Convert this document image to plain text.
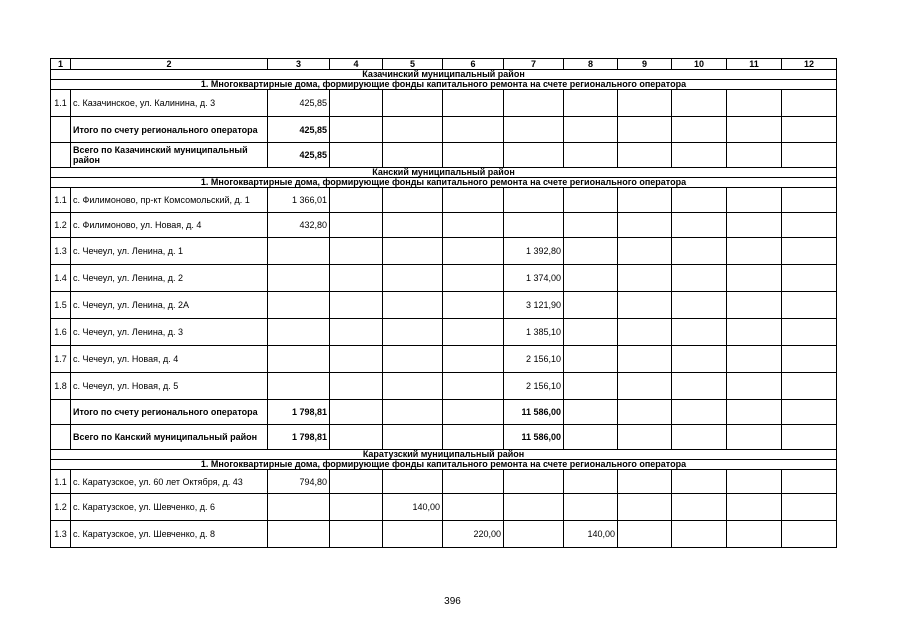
1	2	3	4	5	6	7	8	9	10	11	12
Казачинский муниципальный район											
1. Многоквартирные дома, формирующие фонды капитального ремонта на счете регионального оператора											
1.1	с. Казачинское, ул. Калинина, д. 3	425,85									
	Итого по счету регионального оператора	425,85									
	Всего по Казачинский муниципальный район	425,85									
Канский муниципальный район											
1. Многоквартирные дома, формирующие фонды капитального ремонта на счете регионального оператора											
1.1	с. Филимоново, пр-кт Комсомольский, д. 1	1 366,01									
1.2	с. Филимоново, ул. Новая, д. 4	432,80									
1.3	с. Чечеул, ул. Ленина, д. 1					1 392,80					
1.4	с. Чечеул, ул. Ленина, д. 2					1 374,00					
1.5	с. Чечеул, ул. Ленина, д. 2А					3 121,90					
1.6	с. Чечеул, ул. Ленина, д. 3					1 385,10					
1.7	с. Чечеул, ул. Новая, д. 4					2 156,10					
1.8	с. Чечеул, ул. Новая, д. 5					2 156,10					
	Итого по счету регионального оператора	1 798,81				11 586,00					
	Всего по Канский муниципальный район	1 798,81				11 586,00					
Каратузский муниципальный район											
1. Многоквартирные дома, формирующие фонды капитального ремонта на счете регионального оператора											
1.1	с. Каратузское, ул. 60 лет Октября, д. 43	794,80									
1.2	с. Каратузское, ул. Шевченко, д. 6			140,00							
1.3	с. Каратузское, ул. Шевченко, д. 8				220,00		140,00				
396
